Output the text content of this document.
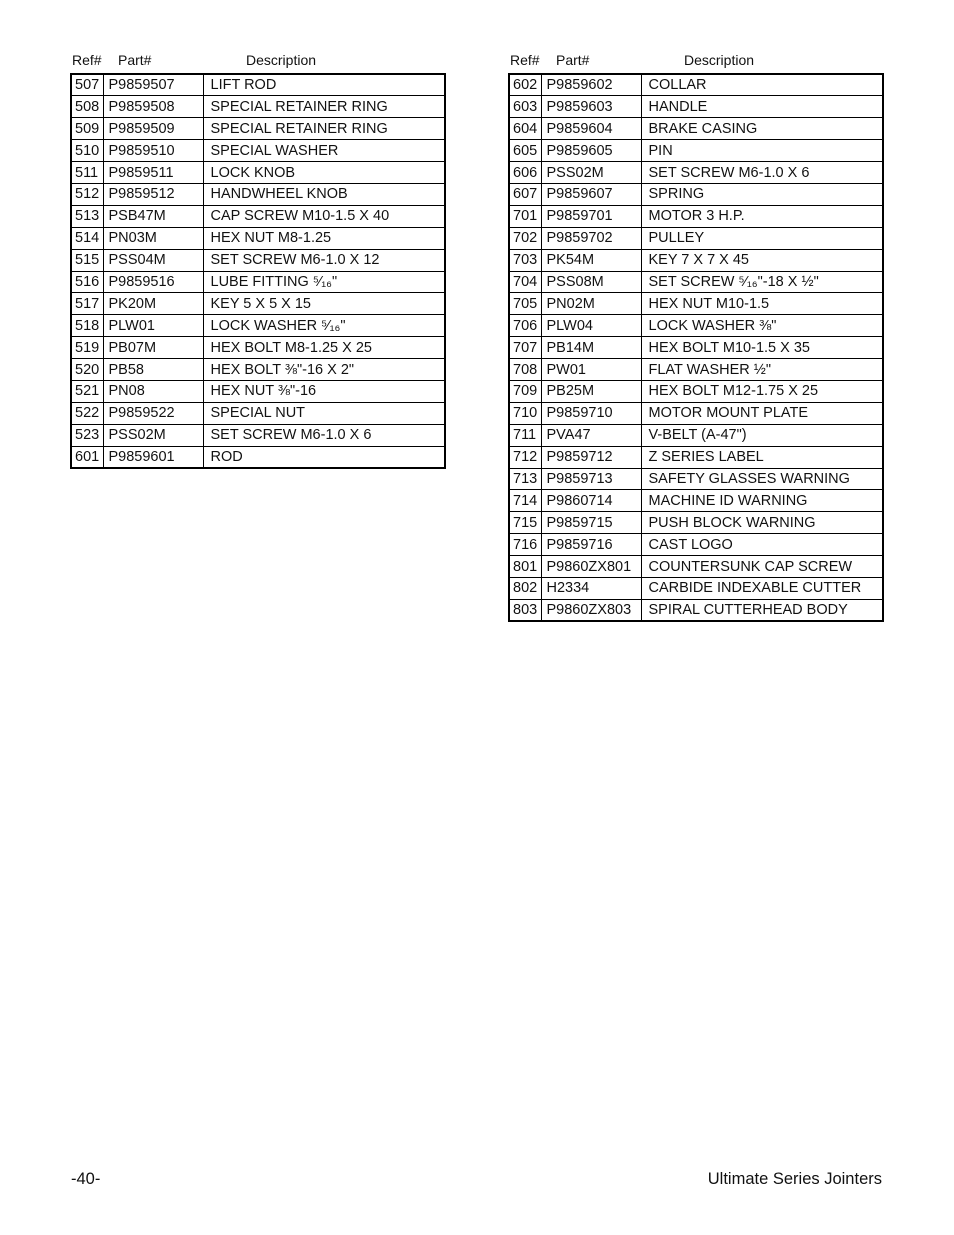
Ref# Part#	Description
507	P9859507	LIFT ROD
508	P9859508	SPECIAL RETAINER RING
509	P9859509	SPECIAL RETAINER RING
510	P9859510	SPECIAL WASHER
511	P9859511	LOCK KNOB
512	P9859512	HANDWHEEL KNOB
513	PSB47M	CAP SCREW M10-1.5 X 40
514	PN03M	HEX NUT M8-1.25
515	PSS04M	SET SCREW M6-1.0 X 12
516	P9859516	LUBE FITTING ⁵⁄₁₆"
517	PK20M	KEY 5 X 5 X 15
518	PLW01	LOCK WASHER ⁵⁄₁₆"
519	PB07M	HEX BOLT M8-1.25 X 25
520	PB58	HEX BOLT ⅜"-16 X 2"
521	PN08	HEX NUT ⅜"-16
522	P9859522	SPECIAL NUT
523	PSS02M	SET SCREW M6-1.0 X 6
601	P9859601	ROD
Ref# Part#	Description
602	P9859602	COLLAR
603	P9859603	HANDLE
604	P9859604	BRAKE CASING
605	P9859605	PIN
606	PSS02M	SET SCREW M6-1.0 X 6
607	P9859607	SPRING
701	P9859701	MOTOR 3 H.P.
702	P9859702	PULLEY
703	PK54M	KEY 7 X 7 X 45
704	PSS08M	SET SCREW ⁵⁄₁₆"-18 X ½"
705	PN02M	HEX NUT M10-1.5
706	PLW04	LOCK WASHER ⅜"
707	PB14M	HEX BOLT M10-1.5 X 35
708	PW01	FLAT WASHER ½"
709	PB25M	HEX BOLT M12-1.75 X 25
710	P9859710	MOTOR MOUNT PLATE
711	PVA47	V-BELT (A-47")
712	P9859712	Z SERIES LABEL
713	P9859713	SAFETY GLASSES WARNING
714	P9860714	MACHINE ID WARNING
715	P9859715	PUSH BLOCK WARNING
716	P9859716	CAST LOGO
801	P9860ZX801	COUNTERSUNK CAP SCREW
802	H2334	CARBIDE INDEXABLE CUTTER
803	P9860ZX803	SPIRAL CUTTERHEAD BODY
-40-	Ultimate Series Jointers
